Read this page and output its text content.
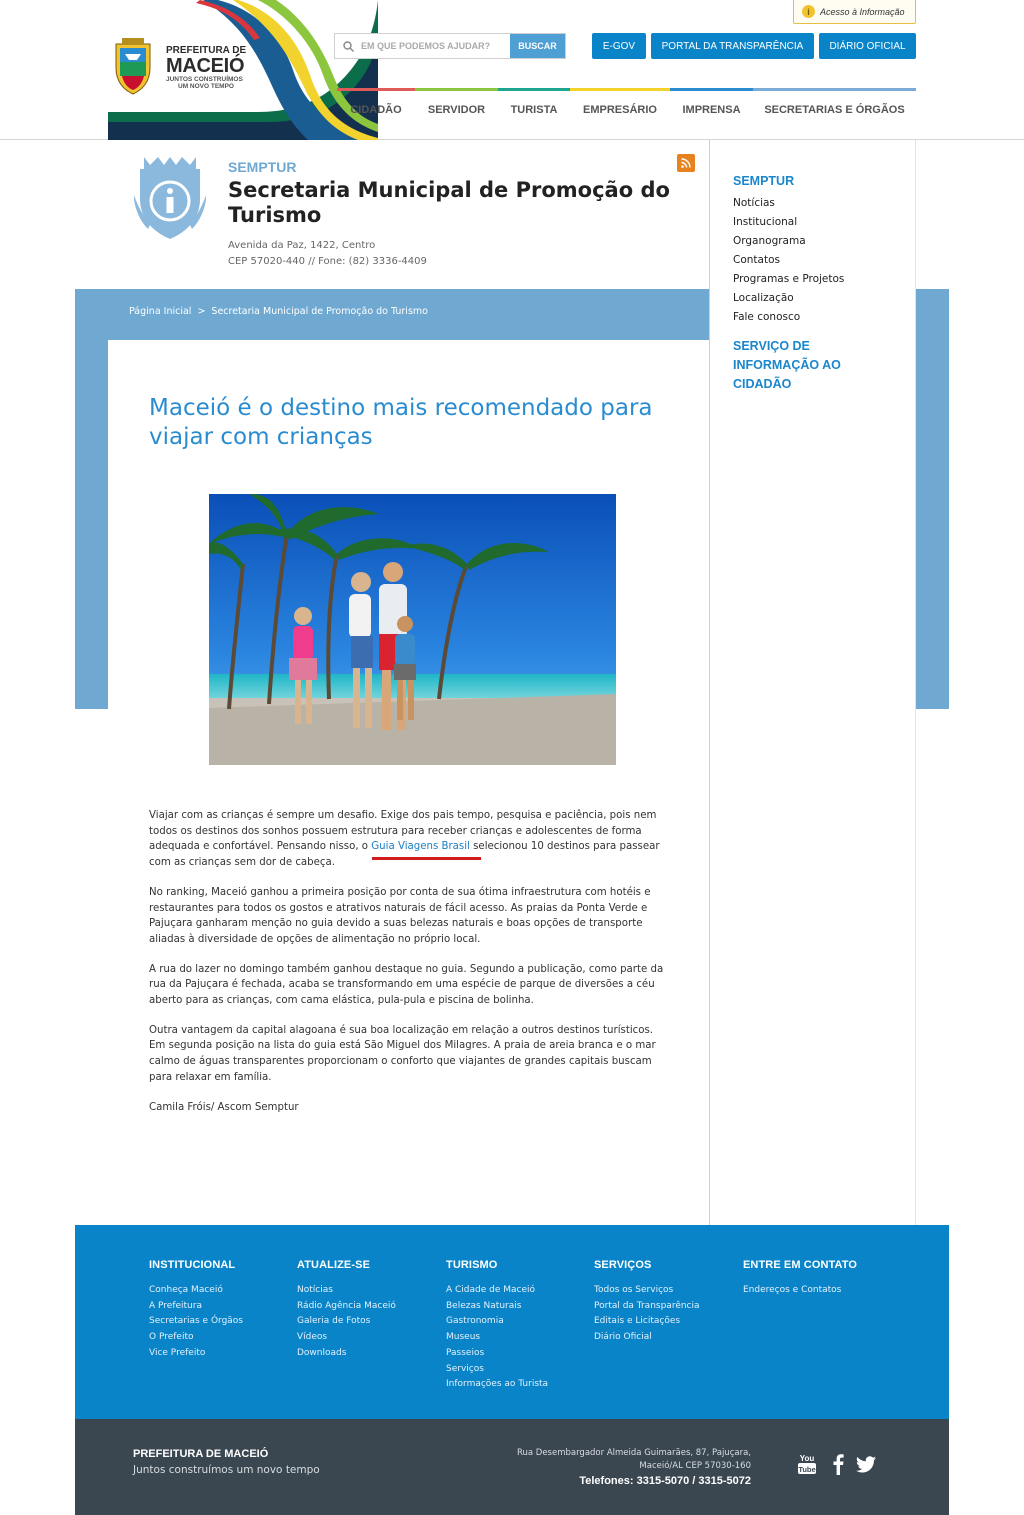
PREFEITURA DE
MACEIÓ
JUNTOS CONSTRUÍMOS
UM NOVO TEMPO
i	Acesso à Informação
EM QUE PODEMOS AJUDAR?
BUSCAR	E-GOV	PORTAL DA TRANSPARÊNCIA	DIÁRIO OFICIAL
CIDADÃO	SERVIDOR	TURISTA	EMPRESÁRIO	IMPRENSA	SECRETARIAS E ÓRGÃOS
SEMPTUR
Secretaria Municipal de Promoção do Turismo
Avenida da Paz, 1422, Centro
CEP 57020-440 // Fone: (82) 3336-4409
Página Inicial > Secretaria Municipal de Promoção do Turismo
Maceió é o destino mais recomendado para viajar com crianças

Viajar com as crianças é sempre um desafio. Exige dos pais tempo, pesquisa e paciência, pois nem todos os destinos dos sonhos possuem estrutura para receber crianças e adolescentes de forma adequada e confortável. Pensando nisso, o Guia Viagens Brasil selecionou 10 destinos para passear com as crianças sem dor de cabeça.

No ranking, Maceió ganhou a primeira posição por conta de sua ótima infraestrutura com hotéis e restaurantes para todos os gostos e atrativos naturais de fácil acesso. As praias da Ponta Verde e Pajuçara ganharam menção no guia devido a suas belezas naturais e boas opções de transporte aliadas à diversidade de opções de alimentação no próprio local.

A rua do lazer no domingo também ganhou destaque no guia. Segundo a publicação, como parte da rua da Pajuçara é fechada, acaba se transformando em uma espécie de parque de diversões a céu aberto para as crianças, com cama elástica, pula-pula e piscina de bolinha.

Outra vantagem da capital alagoana é sua boa localização em relação a outros destinos turísticos. Em segunda posição na lista do guia está São Miguel dos Milagres. A praia de areia branca e o mar calmo de águas transparentes proporcionam o conforto que viajantes de grandes capitais buscam para relaxar em família.

Camila Fróis/ Ascom Semptur

SEMPTUR
Notícias
Institucional
Organograma
Contatos
Programas e Projetos
Localização
Fale conosco
SERVIÇO DE INFORMAÇÃO AO CIDADÃO
INSTITUCIONAL
Conheça Maceió
A Prefeitura
Secretarias e Órgãos
O Prefeito
Vice Prefeito
ATUALIZE-SE
Notícias
Rádio Agência Maceió
Galeria de Fotos
Vídeos
Downloads
TURISMO
A Cidade de Maceió
Belezas Naturais
Gastronomia
Museus
Passeios
Serviços
Informações ao Turista
SERVIÇOS
Todos os Serviços
Portal da Transparência
Editais e Licitações
Diário Oficial
ENTRE EM CONTATO
Endereços e Contatos
PREFEITURA DE MACEIÓ
Juntos construímos um novo tempo
Rua Desembargador Almeida Guimarães, 87, Pajuçara,
Maceió/AL CEP 57030-160
Telefones: 3315-5070 / 3315-5072
You
Tube
